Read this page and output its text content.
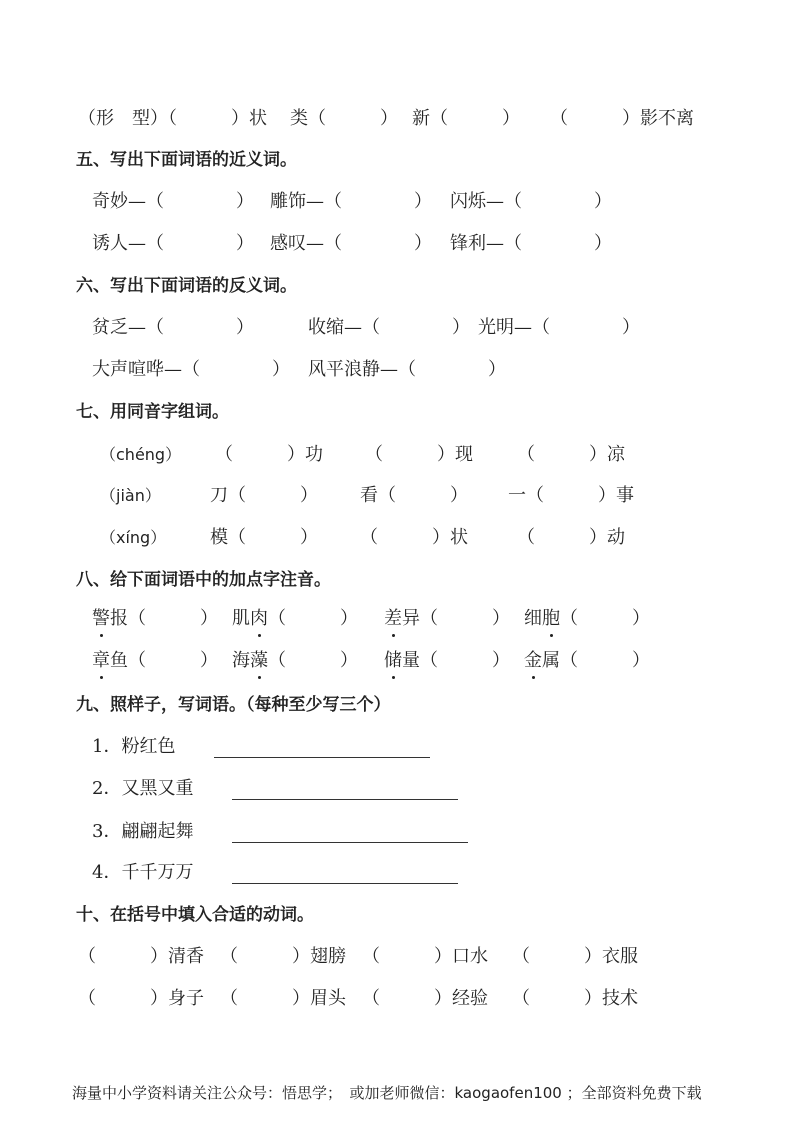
（形　型）（　　　）状 类（　　　） 新（　　　） （　　　）影不离
五、写出下面词语的近义词。
奇妙—（　　　　） 雕饰—（　　　　） 闪烁—（　　　　）
诱人—（　　　　） 感叹—（　　　　） 锋利—（　　　　）
六、写出下面词语的反义词。
贫乏—（　　　　）	收缩—（　　　　） 光明—（　　　　）
大声喧哗—（　　　　） 风平浪静—（　　　　）
七、用同音字组词。
（chéng） （　　　）功 （　　　）现 （　　　）凉
（jiàn）	刀（　　　） 看（　　　） 一（　　　）事
（xíng） 模（　　　） （　　　）状	（　　　）动
八、给下面词语中的加点字注音。
警报（　　　） 肌肉（　　　） 差异（　　　） 细胞（　　　）
章鱼（　　　） 海藻（　　　） 储量（　　　） 金属（　　　）
九、照样子，写词语。（每种至少写三个）
1．粉红色
2．又黑又重
3．翩翩起舞
4．千千万万
十、在括号中填入合适的动词。
（　　　）清香 （　　　）翅膀 （　　　）口水 （　　　）衣服
（　　　）身子 （　　　）眉头 （　　　）经验 （　　　）技术
海量中小学资料请关注公众号：悟思学；　或加老师微信：kaogaofen100 ；全部资料免费下载
